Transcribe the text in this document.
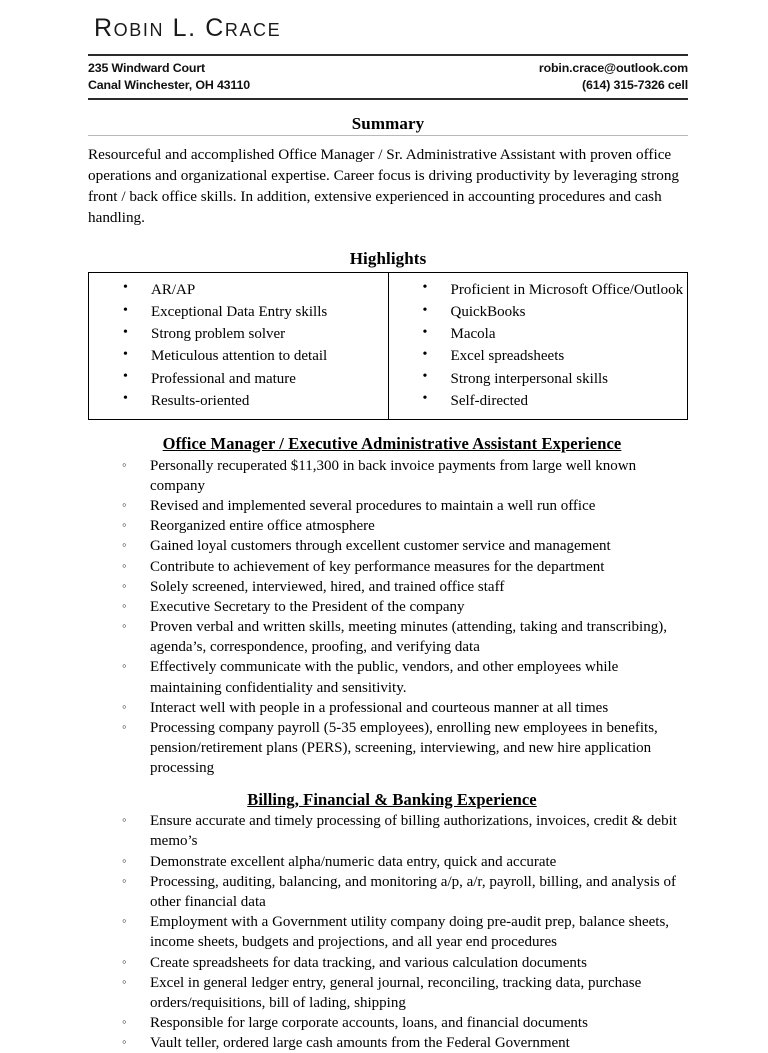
Robin L. Crace
235 Windward Court	robin.crace@outlook.com
Canal Winchester, OH 43110	(614) 315-7326 cell
Summary
Resourceful and accomplished Office Manager / Sr. Administrative Assistant with proven office operations and organizational expertise. Career focus is driving productivity by leveraging strong front / back office skills. In addition, extensive experienced in accounting procedures and cash handling.
Highlights
• AR/AP
• Exceptional Data Entry skills
• Strong problem solver
• Meticulous attention to detail
• Professional and mature
• Results-oriented

• Proficient in Microsoft Office/Outlook
• QuickBooks
• Macola
• Excel spreadsheets
• Strong interpersonal skills
• Self-directed
Office Manager / Executive Administrative Assistant Experience
◦ Personally recuperated $11,300 in back invoice payments from large well known company
◦ Revised and implemented several procedures to maintain a well run office
◦ Reorganized entire office atmosphere
◦ Gained loyal customers through excellent customer service and management
◦ Contribute to achievement of key performance measures for the department
◦ Solely screened, interviewed, hired, and trained office staff
◦ Executive Secretary to the President of the company
◦ Proven verbal and written skills, meeting minutes (attending, taking and transcribing), agenda’s, correspondence, proofing, and verifying data
◦ Effectively communicate with the public, vendors, and other employees while maintaining confidentiality and sensitivity.
◦ Interact well with people in a professional and courteous manner at all times
◦ Processing company payroll (5-35 employees), enrolling new employees in benefits, pension/retirement plans (PERS), screening, interviewing, and new hire application processing
Billing, Financial & Banking Experience
◦ Ensure accurate and timely processing of billing authorizations, invoices, credit & debit memo’s
◦ Demonstrate excellent alpha/numeric data entry, quick and accurate
◦ Processing, auditing, balancing, and monitoring a/p, a/r, payroll, billing, and analysis of other financial data
◦ Employment with a Government utility company doing pre-audit prep, balance sheets, income sheets, budgets and projections, and all year end procedures
◦ Create spreadsheets for data tracking, and various calculation documents
◦ Excel in general ledger entry, general journal, reconciling, tracking data, purchase orders/requisitions, bill of lading, shipping
◦ Responsible for large corporate accounts, loans, and financial documents
◦ Vault teller, ordered large cash amounts from the Federal Government
